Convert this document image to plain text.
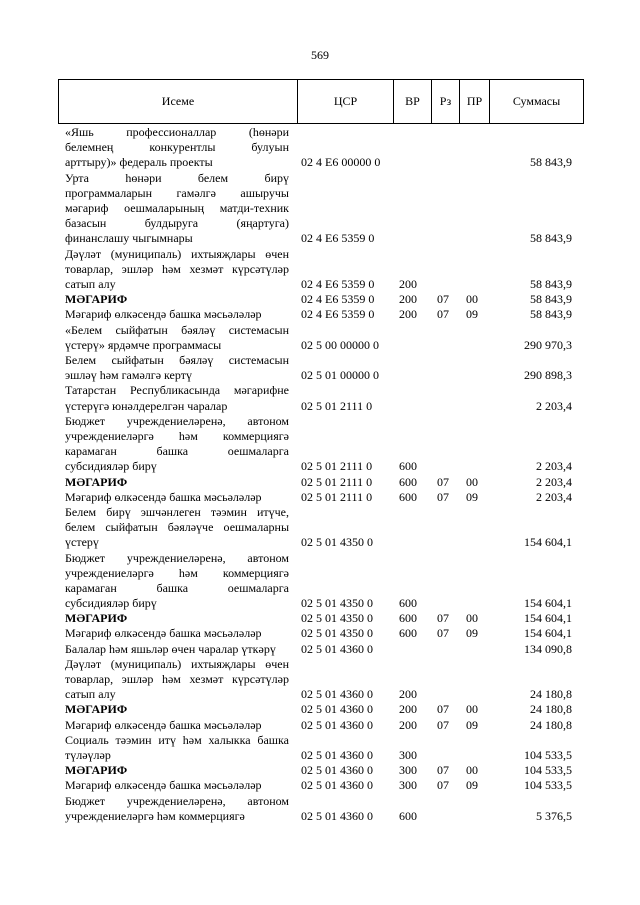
569
Исеме	ЦСР	ВР	Рз	ПР	Суммасы
«Яшь профессионаллар (һөнәри
белемнең конкурентлы булуын
арттыру)» федераль проекты	02 4 E6 00000 0	58 843,9
Урта һөнәри белем бирү
программаларын гамәлгә ашыручы
мәгариф оешмаларының матди-техник
базасын булдыруга (яңартуга)
финанслашу чыгымнары	02 4 E6 5359 0	58 843,9
Дәүләт (муниципаль) ихтыяҗлары өчен
товарлар, эшләр һәм хезмәт күрсәтүләр
сатып алу	02 4 E6 5359 0	200	58 843,9
МӘГАРИФ	02 4 E6 5359 0	200	07	00	58 843,9
Мәгариф өлкәсендә башка мәсьәләләр	02 4 E6 5359 0	200	07	09	58 843,9
«Белем сыйфатын бәяләү системасын
үстерү» ярдәмче программасы	02 5 00 00000 0	290 970,3
Белем сыйфатын бәяләү системасын
эшләү һәм гамәлгә кертү	02 5 01 00000 0	290 898,3
Татарстан Республикасында мәгарифне
үстерүгә юнәлдерелгән чаралар	02 5 01 2111 0	2 203,4
Бюджет учреждениеләренә, автоном
учреждениеләргә һәм коммерциягә
карамаган башка оешмаларга
субсидияләр бирү	02 5 01 2111 0	600	2 203,4
МӘГАРИФ	02 5 01 2111 0	600	07	00	2 203,4
Мәгариф өлкәсендә башка мәсьәләләр	02 5 01 2111 0	600	07	09	2 203,4
Белем бирү эшчәнлеген тәэмин итүче,
белем сыйфатын бәяләүче оешмаларны
үстерү	02 5 01 4350 0	154 604,1
Бюджет учреждениеләренә, автоном
учреждениеләргә һәм коммерциягә
карамаган башка оешмаларга
субсидияләр бирү	02 5 01 4350 0	600	154 604,1
МӘГАРИФ	02 5 01 4350 0	600	07	00	154 604,1
Мәгариф өлкәсендә башка мәсьәләләр	02 5 01 4350 0	600	07	09	154 604,1
Балалар һәм яшьләр өчен чаралар үткәрү	02 5 01 4360 0	134 090,8
Дәүләт (муниципаль) ихтыяҗлары өчен
товарлар, эшләр һәм хезмәт күрсәтүләр
сатып алу	02 5 01 4360 0	200	24 180,8
МӘГАРИФ	02 5 01 4360 0	200	07	00	24 180,8
Мәгариф өлкәсендә башка мәсьәләләр	02 5 01 4360 0	200	07	09	24 180,8
Социаль тәэмин итү һәм халыкка башка
түләүләр	02 5 01 4360 0	300	104 533,5
МӘГАРИФ	02 5 01 4360 0	300	07	00	104 533,5
Мәгариф өлкәсендә башка мәсьәләләр	02 5 01 4360 0	300	07	09	104 533,5
Бюджет учреждениеләренә, автоном
учреждениеләргә һәм коммерциягә	02 5 01 4360 0	600	5 376,5
